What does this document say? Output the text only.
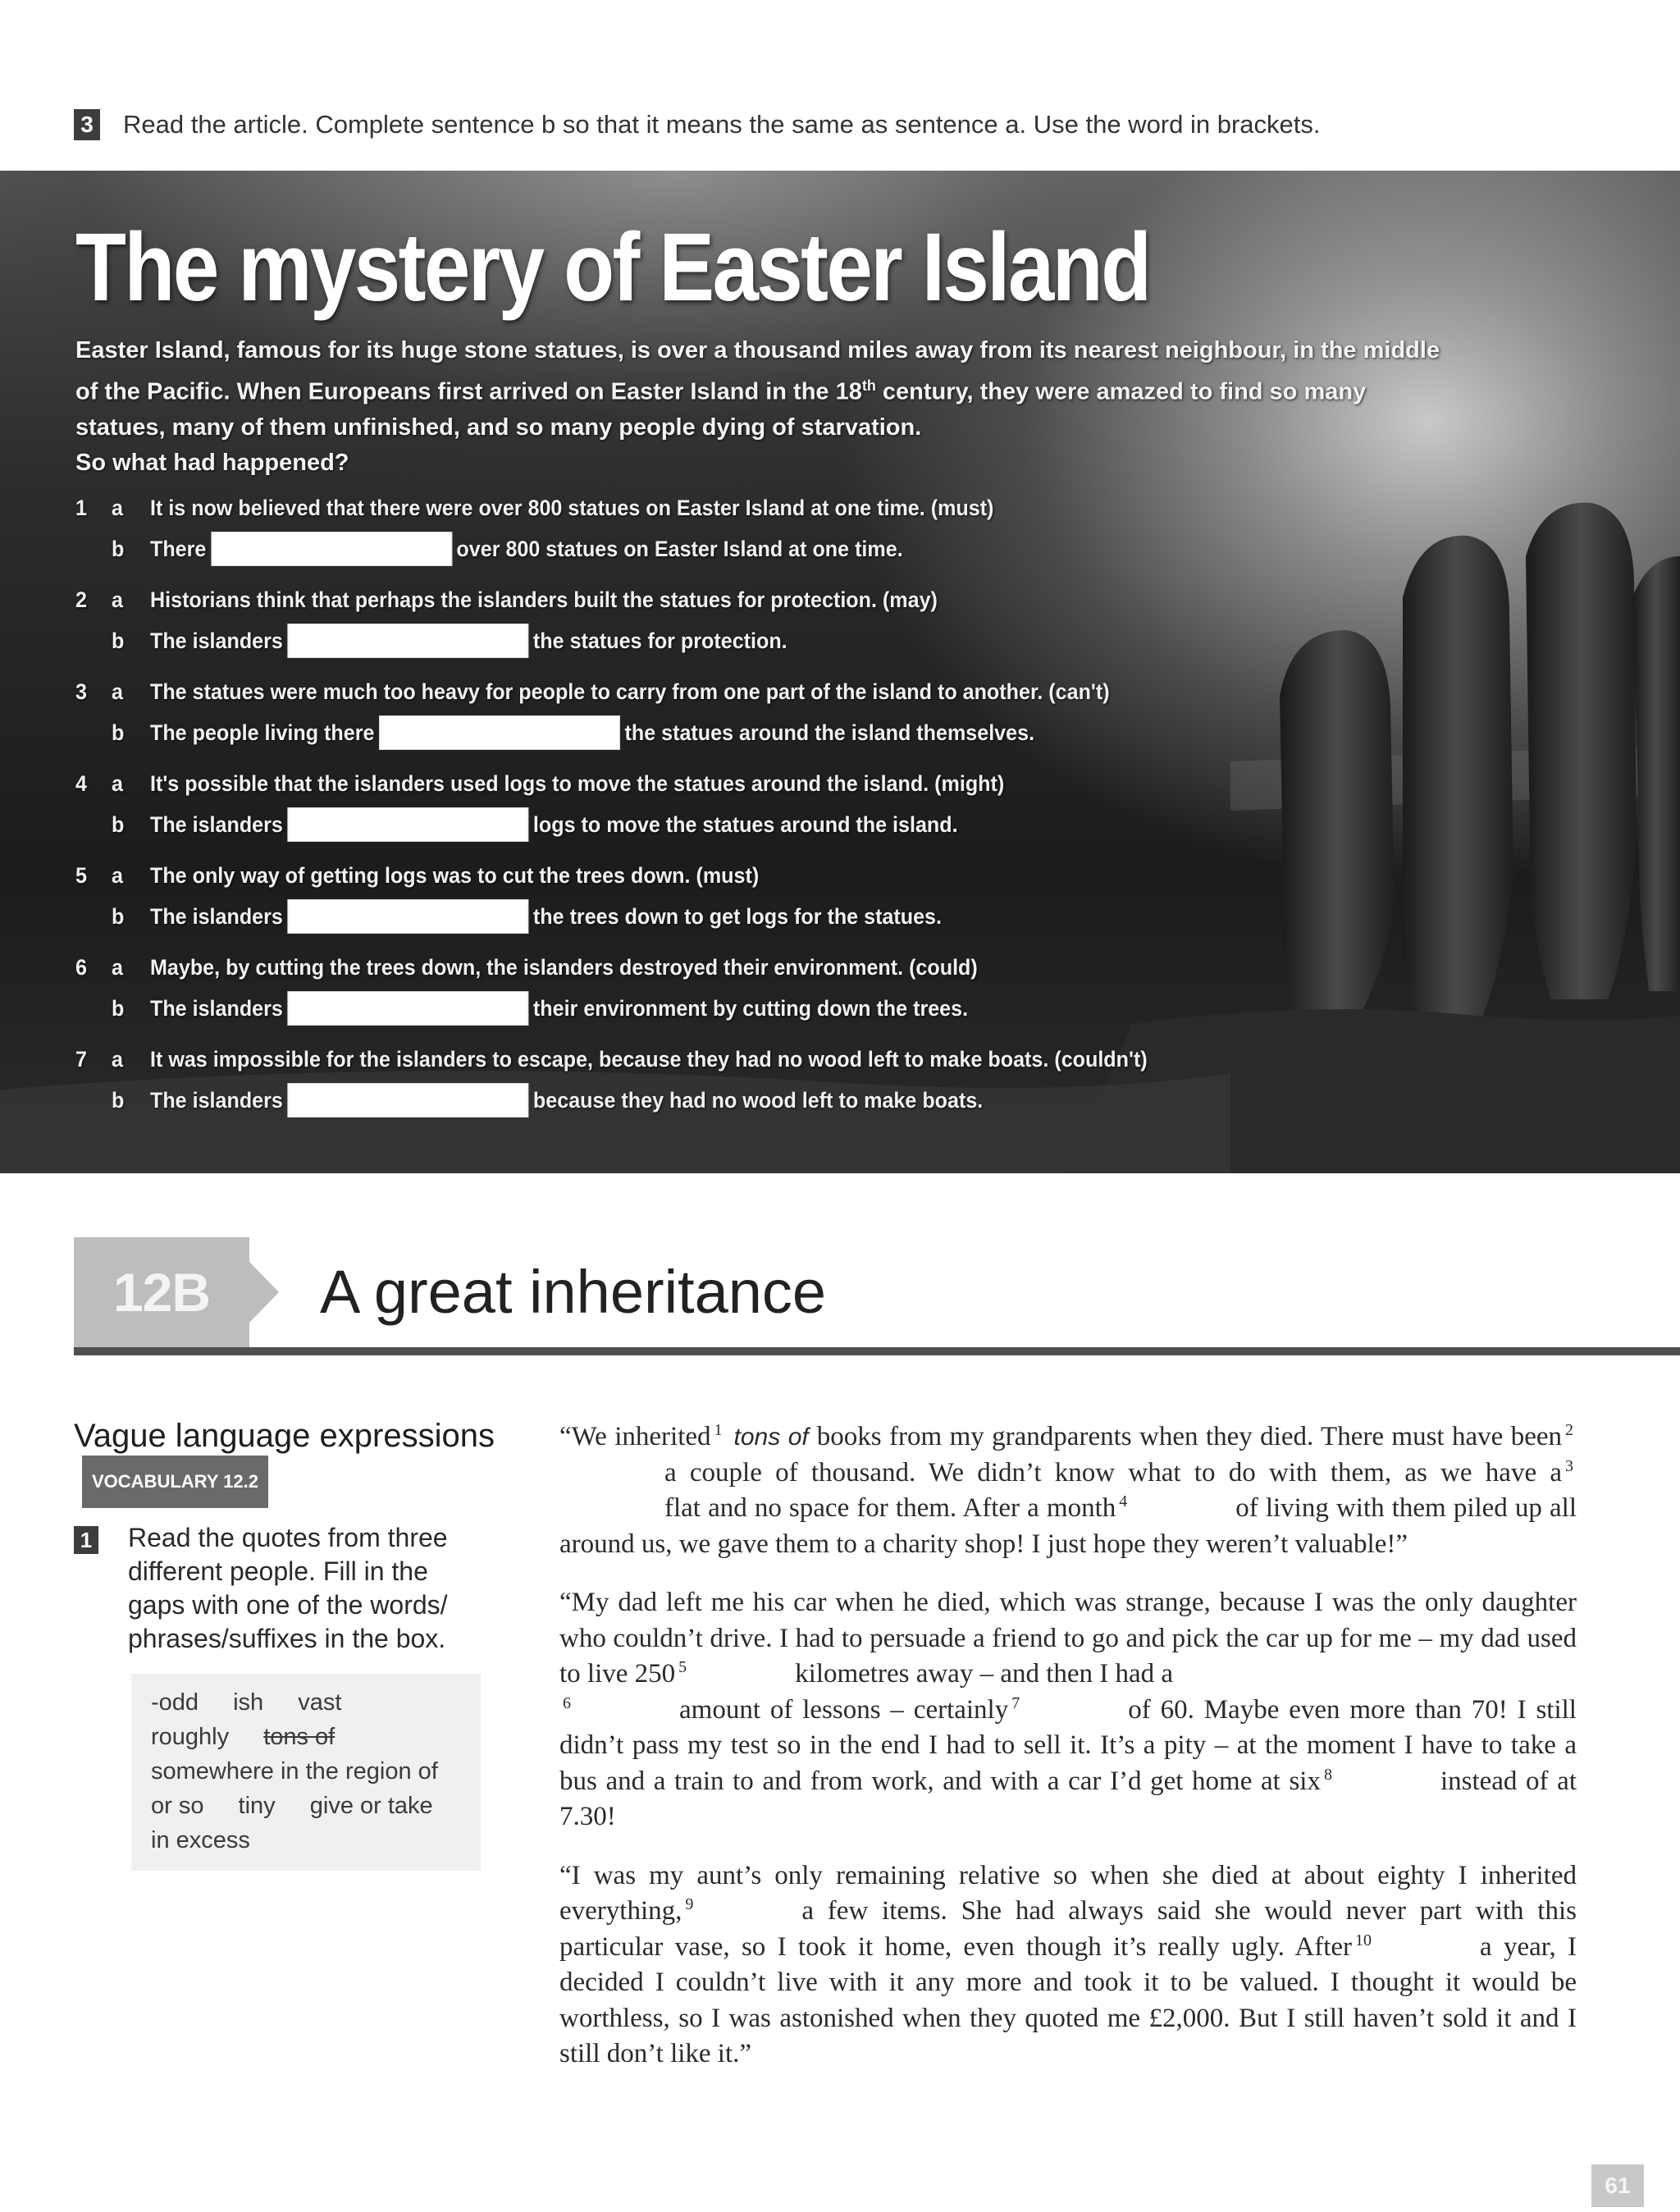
3 Read the article. Complete sentence b so that it means the same as sentence a. Use the word in brackets.
The mystery of Easter Island

Easter Island, famous for its huge stone statues, is over a thousand miles away from its nearest neighbour, in the middle of the Pacific. When Europeans first arrived on Easter Island in the 18th century, they were amazed to find so many statues, many of them unfinished, and so many people dying of starvation.

So what had happened?

1 a It is now believed that there were over 800 statues on Easter Island at one time. (must)
b There	over 800 statues on Easter Island at one time.
2 a Historians think that perhaps the islanders built the statues for protection. (may)
b The islanders	the statues for protection.
3 a The statues were much too heavy for people to carry from one part of the island to another. (can't)
b The people living there	the statues around the island themselves.
4 a It's possible that the islanders used logs to move the statues around the island. (might)
b The islanders	logs to move the statues around the island.
5 a The only way of getting logs was to cut the trees down. (must)
b The islanders	the trees down to get logs for the statues.
6 a Maybe, by cutting the trees down, the islanders destroyed their environment. (could)
b The islanders	their environment by cutting down the trees.
7 a It was impossible for the islanders to escape, because they had no wood left to make boats. (couldn't)
b The islanders	because they had no wood left to make boats.
12B A great inheritance
Vague language expressionsVOCABULARY 12.2
1 Read the quotes from three different people. Fill in the gaps with one of the words/ phrases/suffixes in the box.

-odd ish vast
roughly tons of
somewhere in the region of
or so tiny give or take
in excess

“We inherited $^1$ tons of books from my grandparents when they died. There must have been $^2$a couple of thousand. We didn’t know what to do with them, as we have a $^3$flat and no space for them. After a month $^4$	of living with them piled up all around us, we gave them to a charity shop! I just hope they weren’t valuable!”

“My dad left me his car when he died, which was strange, because I was the only daughter who couldn’t drive. I had to persuade a friend to go and pick the car up for me – my dad used to live 250 $^5$	kilometres away – and then I had a
$^6$	amount of lessons – certainly $^7$	of 60. Maybe even more than 70! I still didn’t pass my test so in the end I had to sell it. It’s a pity – at the moment I have to take a bus and a train to and from work, and with a car I’d get home at six $^8$	instead of at 7.30!

“I was my aunt’s only remaining relative so when she died at about eighty I inherited everything, $^9$	a few items. She had always said she would never part with this particular vase, so I took it home, even though it’s really ugly. After $^{10}$	a year, I decided I couldn’t live with it any more and took it to be valued. I thought it would be worthless, so I was astonished when they quoted me £2,000. But I still haven’t sold it and I still don’t like it.”

61
